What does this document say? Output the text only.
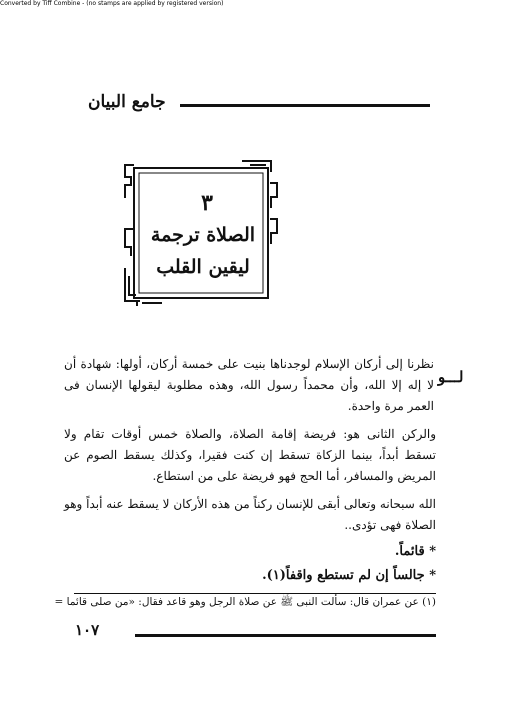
Converted by Tiff Combine - (no stamps are applied by registered version)
جامع البيان
٣
الصلاة ترجمة
ليقين القلب
لـــو
نظرنا إلى أركان الإسلام لوجدناها بنيت على خمسة أركان، أولها: شهادة أن لا إله إلا الله، وأن محمداً رسول الله، وهذه مطلوبة ليقولها الإنسان فى العمر مرة واحدة.
والركن الثانى هو: فريضة إقامة الصلاة، والصلاة خمس أوقات تقام ولا تسقط أبداً، بينما الزكاة تسقط إن كنت فقيرا، وكذلك يسقط الصوم عن المريض والمسافر، أما الحج فهو فريضة على من استطاع.
الله سبحانه وتعالى أبقى للإنسان ركناً من هذه الأركان لا يسقط عنه أبداً وهو الصلاة فهى تؤدى..
* قائماً.
* جالساً إن لم تستطع واقفاً(١).
(١) عن عمران قال: سألت النبى ﷺ عن صلاة الرجل وهو قاعد فقال: «من صلى قائما =
١٠٧
